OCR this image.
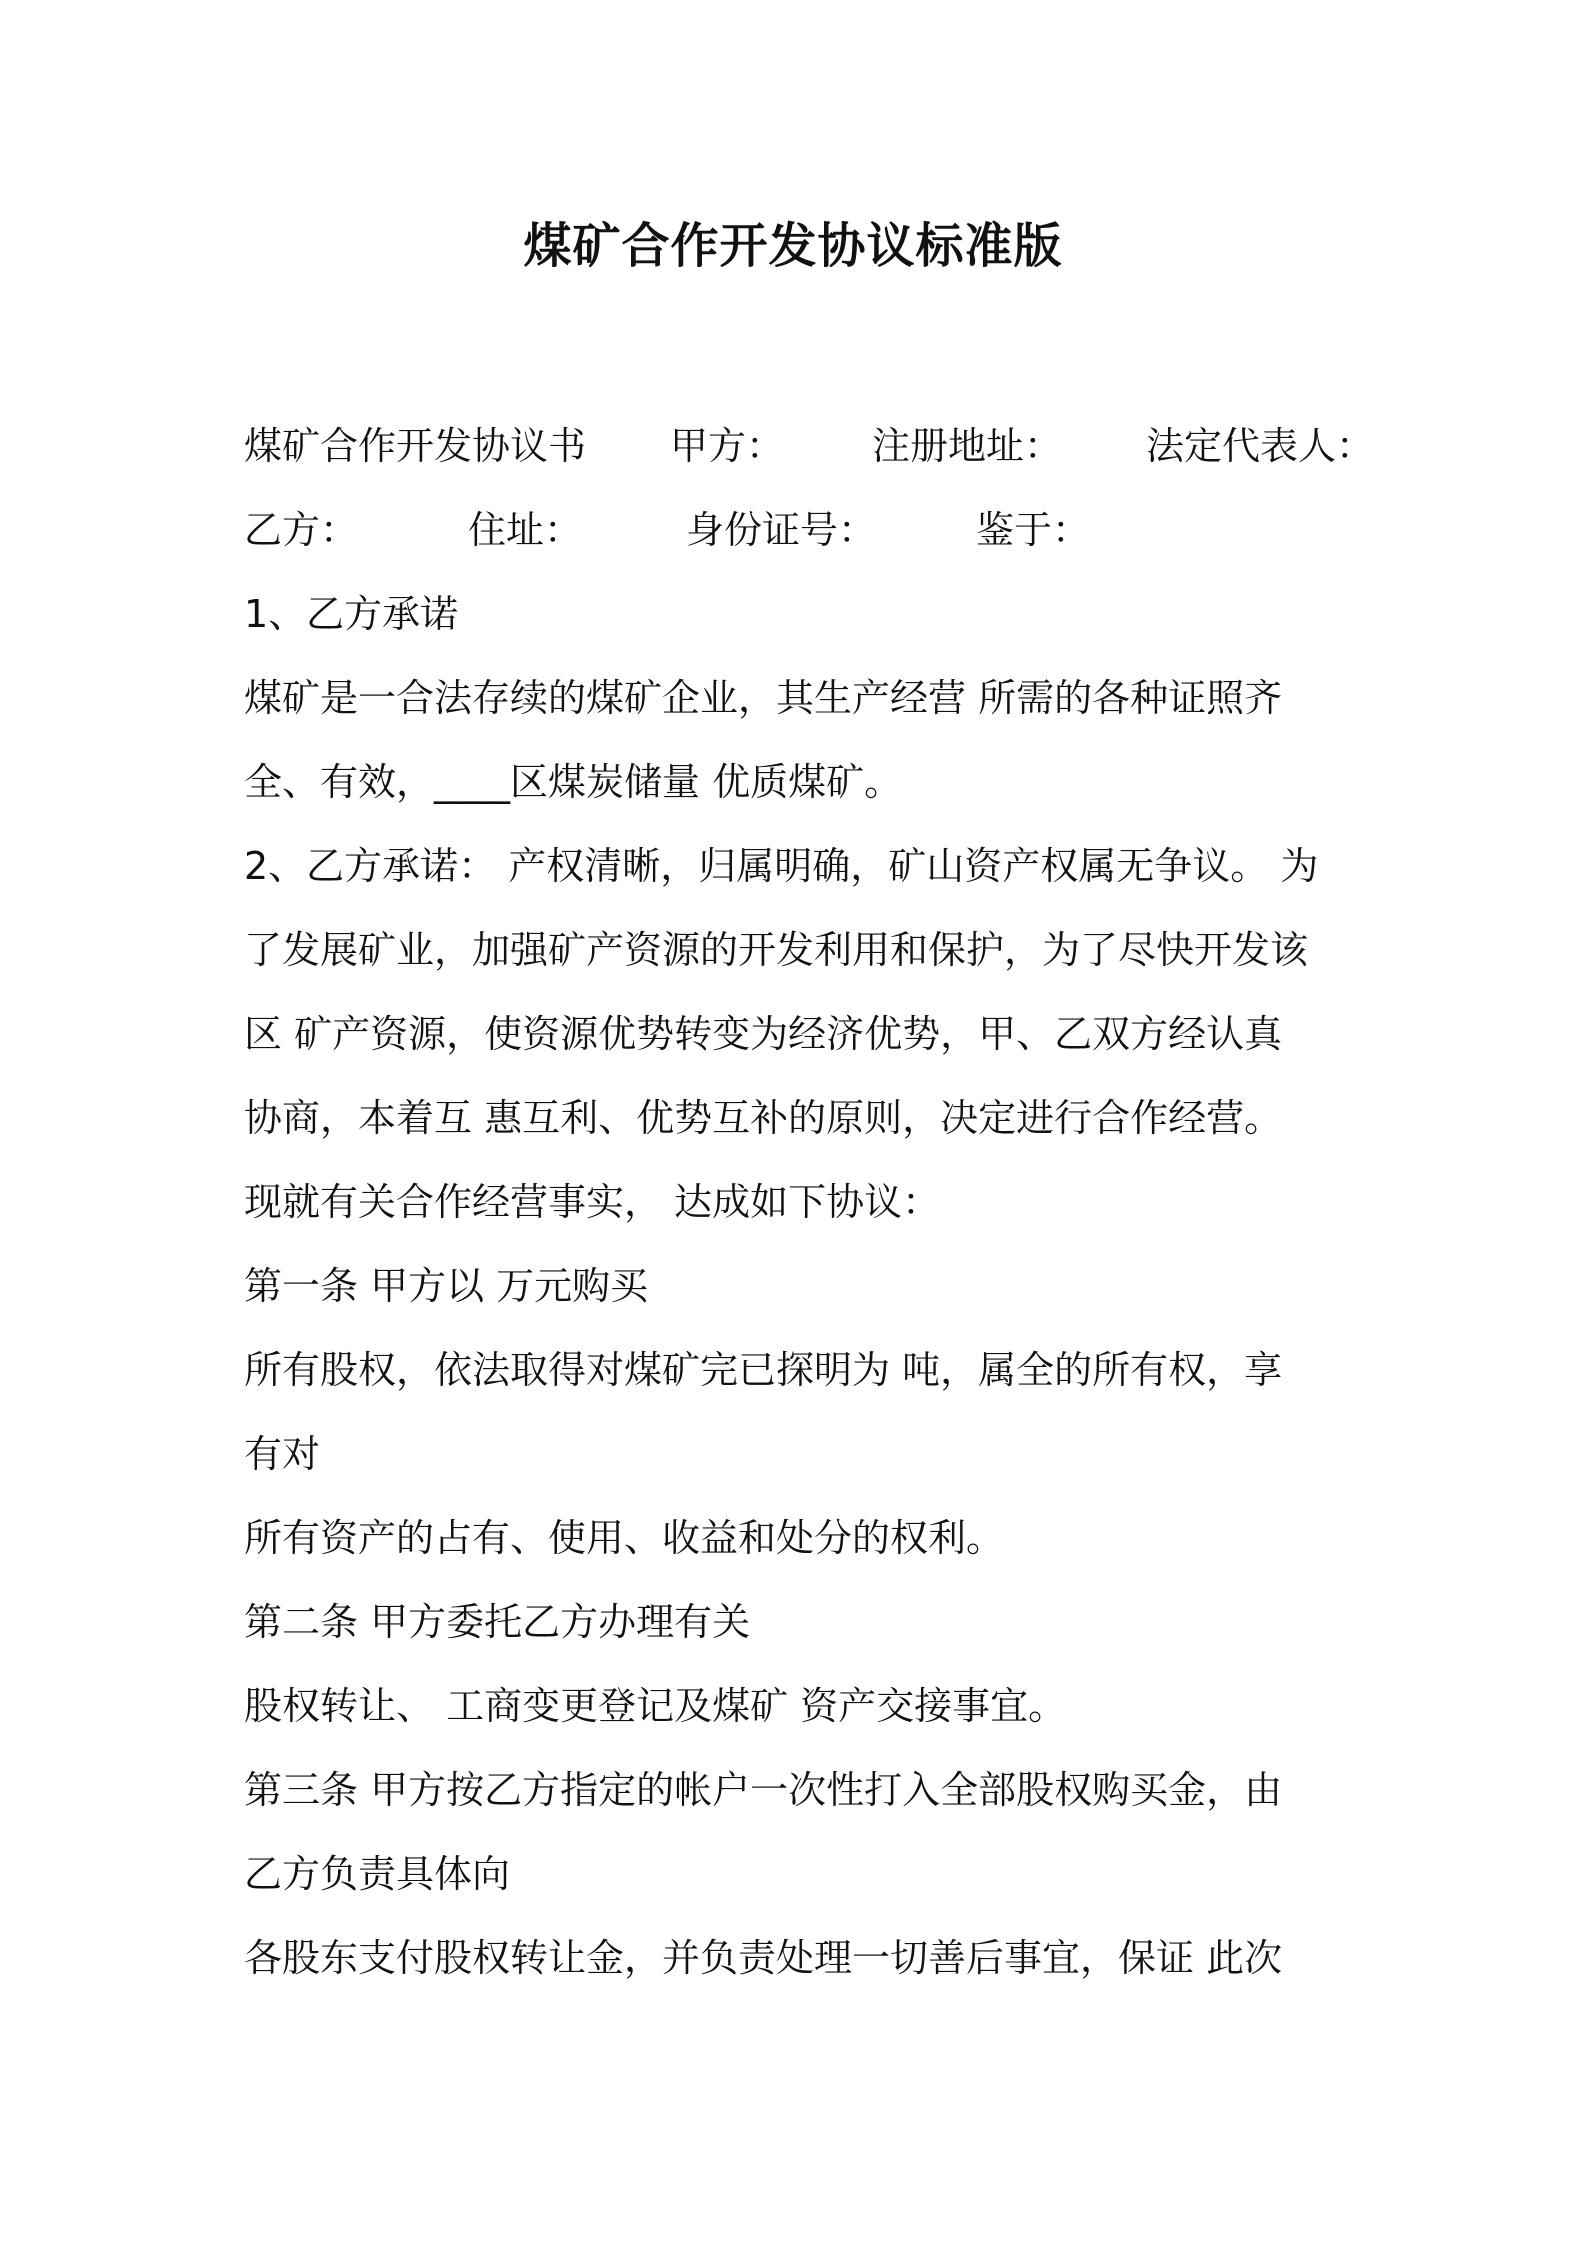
煤矿合作开发协议标准版
煤矿合作开发协议书 甲方： 注册地址： 法定代表人：
乙方：	住址：	身份证号：	鉴于：
1、乙方承诺
煤矿是一合法存续的煤矿企业，其生产经营 所需的各种证照齐
全、有效，____区煤炭储量 优质煤矿。
2、乙方承诺： 产权清晰，归属明确，矿山资产权属无争议。 为
了发展矿业，加强矿产资源的开发利用和保护，为了尽快开发该
区 矿产资源，使资源优势转变为经济优势，甲、乙双方经认真
协商，本着互 惠互利、优势互补的原则，决定进行合作经营。
现就有关合作经营事实， 达成如下协议：
第一条 甲方以 万元购买
所有股权，依法取得对煤矿完已探明为 吨，属全的所有权，享
有对
所有资产的占有、使用、收益和处分的权利。
第二条 甲方委托乙方办理有关
股权转让、 工商变更登记及煤矿 资产交接事宜。
第三条 甲方按乙方指定的帐户一次性打入全部股权购买金，由
乙方负责具体向
各股东支付股权转让金，并负责处理一切善后事宜，保证 此次
